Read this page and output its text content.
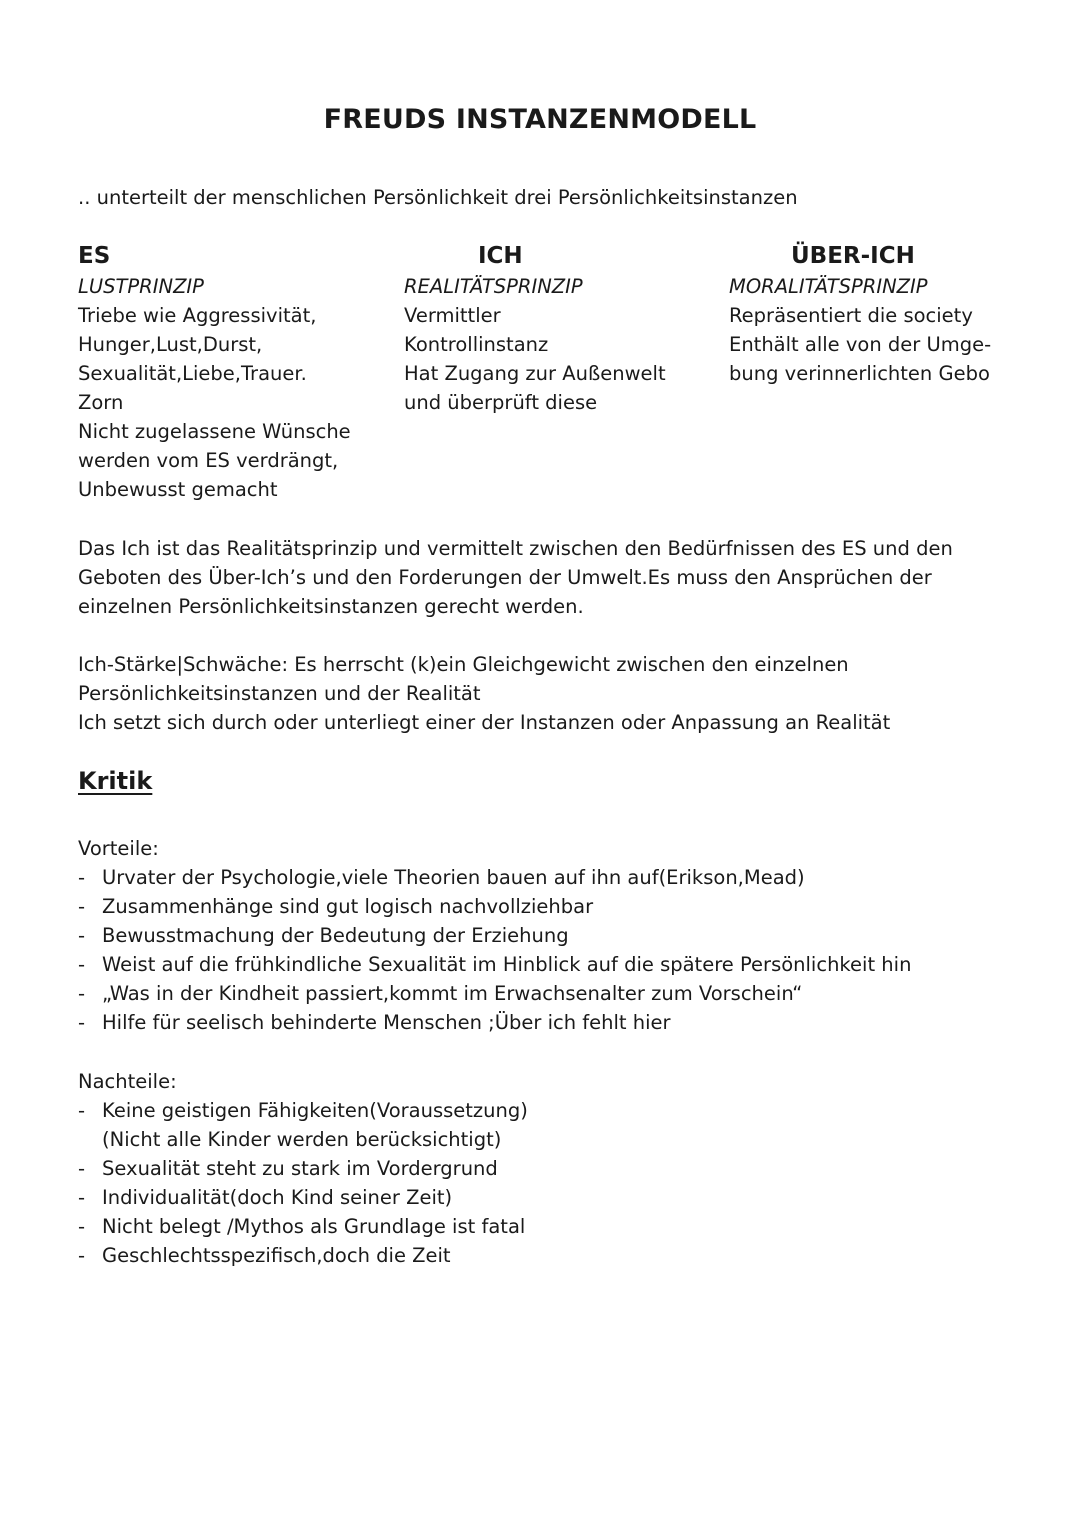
FREUDS INSTANZENMODELL
.. unterteilt der menschlichen Persönlichkeit drei Persönlichkeitsinstanzen
ES
LUSTPRINZIP
Triebe wie Aggressivität,
Hunger,Lust,Durst,
Sexualität,Liebe,Trauer.
Zorn
Nicht zugelassene Wünsche
werden vom ES verdrängt,
Unbewusst gemacht
ICH
REALITÄTSPRINZIP
Vermittler
Kontrollinstanz
Hat Zugang zur Außenwelt
und überprüft diese
ÜBER-ICH
MORALITÄTSPRINZIP
Repräsentiert die society
Enthält alle von der Umge-
bung verinnerlichten Gebo
Das Ich ist das Realitätsprinzip und vermittelt zwischen den Bedürfnissen des ES und den Geboten des Über-Ich’s und den Forderungen der Umwelt.Es muss den Ansprüchen der einzelnen Persönlichkeitsinstanzen gerecht werden.
Ich-Stärke|Schwäche: Es herrscht (k)ein Gleichgewicht zwischen den einzelnen
Persönlichkeitsinstanzen und der Realität
Ich setzt sich durch oder unterliegt einer der Instanzen oder Anpassung an Realität
Kritik
Vorteile:
- Urvater der Psychologie,viele Theorien bauen auf ihn auf(Erikson,Mead)
- Zusammenhänge sind gut logisch nachvollziehbar
- Bewusstmachung der Bedeutung der Erziehung
- Weist auf die frühkindliche Sexualität im Hinblick auf die spätere Persönlichkeit hin
- „Was in der Kindheit passiert,kommt im Erwachsenalter zum Vorschein“
- Hilfe für seelisch behinderte Menschen ;Über ich fehlt hier
Nachteile:
- Keine geistigen Fähigkeiten(Voraussetzung)
(Nicht alle Kinder werden berücksichtigt)
- Sexualität steht zu stark im Vordergrund
- Individualität(doch Kind seiner Zeit)
- Nicht belegt /Mythos als Grundlage ist fatal
- Geschlechtsspezifisch,doch die Zeit
